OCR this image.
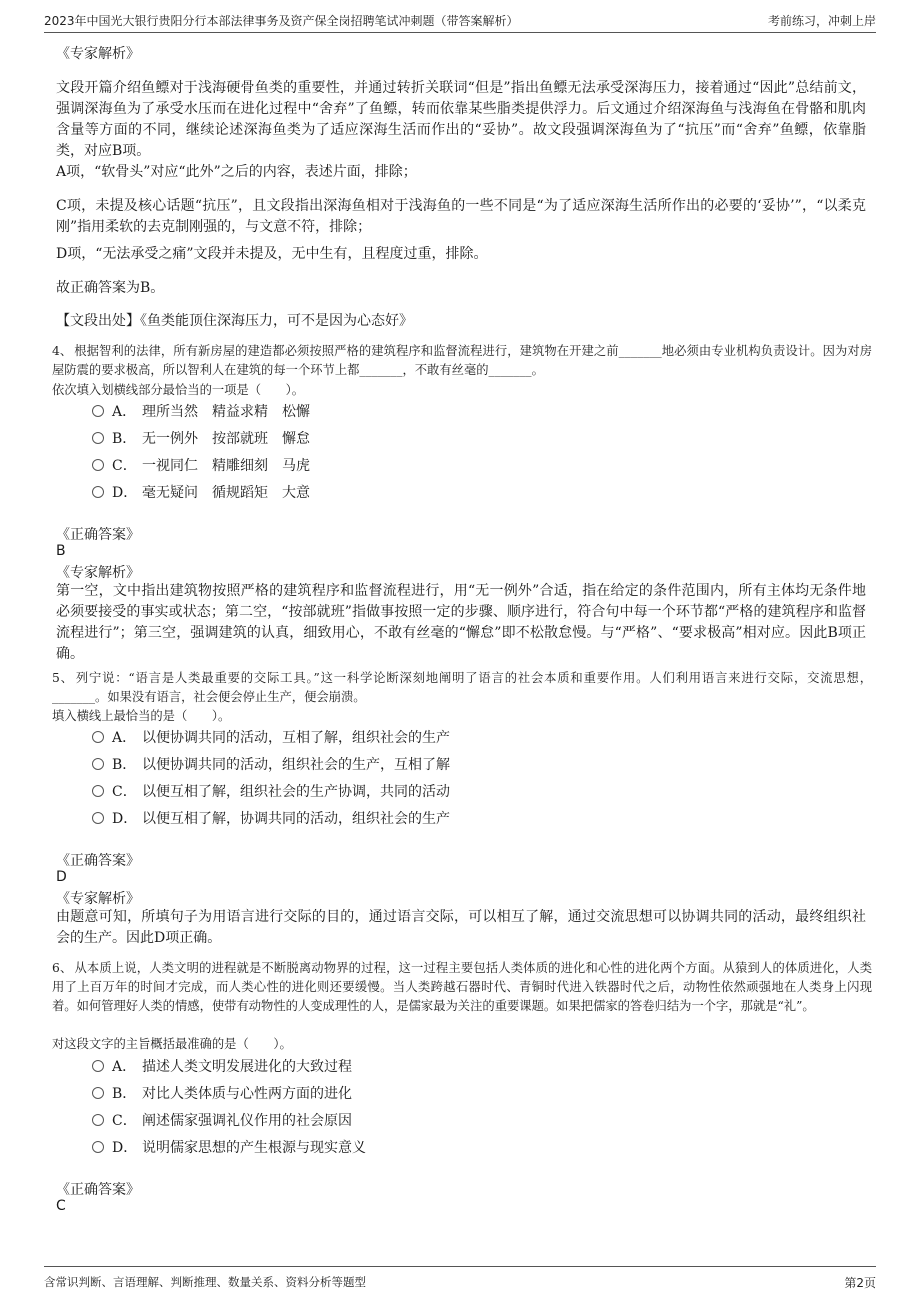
2023年中国光大银行贵阳分行本部法律事务及资产保全岗招聘笔试冲刺题（带答案解析）	考前练习，冲刺上岸
《专家解析》
文段开篇介绍鱼鳔对于浅海硬骨鱼类的重要性，并通过转折关联词“但是”指出鱼鳔无法承受深海压力，接着通过“因此”总结前文，强调深海鱼为了承受水压而在进化过程中“舍弃”了鱼鳔，转而依靠某些脂类提供浮力。后文通过介绍深海鱼与浅海鱼在骨骼和肌肉含量等方面的不同，继续论述深海鱼类为了适应深海生活而作出的“妥协”。故文段强调深海鱼为了“抗压”而“舍弃”鱼鳔，依靠脂类，对应B项。
A项，“软骨头”对应“此外”之后的内容，表述片面，排除；
C项，未提及核心话题“抗压”，且文段指出深海鱼相对于浅海鱼的一些不同是“为了适应深海生活所作出的必要的‘妥协’”，“以柔克刚”指用柔软的去克制刚强的，与文意不符，排除；
D项，“无法承受之痛”文段并未提及，无中生有，且程度过重，排除。
故正确答案为B。
【文段出处】《鱼类能顶住深海压力，可不是因为心态好》
4、 根据智利的法律，所有新房屋的建造都必须按照严格的建筑程序和监督流程进行，建筑物在开建之前_______地必须由专业机构负责设计。因为对房屋防震的要求极高，所以智利人在建筑的每一个环节上都_______，不敢有丝毫的_______。
依次填入划横线部分最恰当的一项是（　　）。
A． 理所当然　精益求精　松懈
B． 无一例外　按部就班　懈怠
C． 一视同仁　精雕细刻　马虎
D． 毫无疑问　循规蹈矩　大意
《正确答案》
B
《专家解析》
第一空，文中指出建筑物按照严格的建筑程序和监督流程进行，用“无一例外”合适，指在给定的条件范围内，所有主体均无条件地必须要接受的事实或状态；第二空，“按部就班”指做事按照一定的步骤、顺序进行，符合句中每一个环节都“严格的建筑程序和监督流程进行”；第三空，强调建筑的认真，细致用心，不敢有丝毫的“懈怠”即不松散怠慢。与“严格”、“要求极高”相对应。因此B项正确。
5、 列宁说：“语言是人类最重要的交际工具。”这一科学论断深刻地阐明了语言的社会本质和重要作用。人们利用语言来进行交际，交流思想，_______。如果没有语言，社会便会停止生产，便会崩溃。
填入横线上最恰当的是（　　）。
A． 以便协调共同的活动，互相了解，组织社会的生产
B． 以便协调共同的活动，组织社会的生产，互相了解
C． 以便互相了解，组织社会的生产协调，共同的活动
D． 以便互相了解，协调共同的活动，组织社会的生产
《正确答案》
D
《专家解析》
由题意可知，所填句子为用语言进行交际的目的，通过语言交际，可以相互了解，通过交流思想可以协调共同的活动，最终组织社会的生产。因此D项正确。
6、 从本质上说，人类文明的进程就是不断脱离动物界的过程，这一过程主要包括人类体质的进化和心性的进化两个方面。从猿到人的体质进化，人类用了上百万年的时间才完成，而人类心性的进化则还要缓慢。当人类跨越石器时代、青铜时代进入铁器时代之后，动物性依然顽强地在人类身上闪现着。如何管理好人类的情感，使带有动物性的人变成理性的人，是儒家最为关注的重要课题。如果把儒家的答卷归结为一个字，那就是“礼”。
对这段文字的主旨概括最准确的是（　　）。
A． 描述人类文明发展进化的大致过程
B． 对比人类体质与心性两方面的进化
C． 阐述儒家强调礼仪作用的社会原因
D． 说明儒家思想的产生根源与现实意义
《正确答案》
C
含常识判断、言语理解、判断推理、数量关系、资料分析等题型	第2页
